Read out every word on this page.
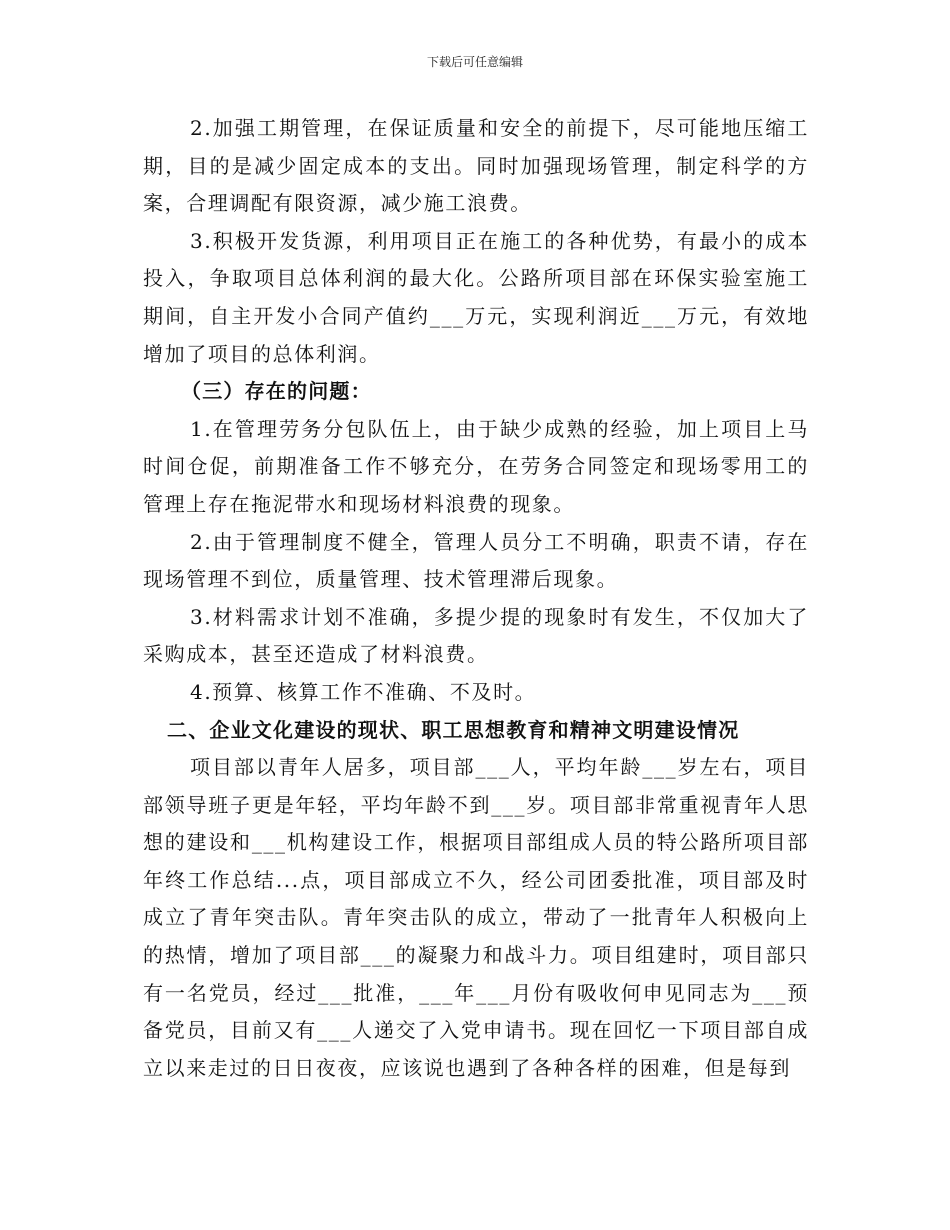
下载后可任意编辑

2.加强工期管理，在保证质量和安全的前提下，尽可能地压缩工期，目的是减少固定成本的支出。同时加强现场管理，制定科学的方案，合理调配有限资源，减少施工浪费。

3.积极开发货源，利用项目正在施工的各种优势，有最小的成本投入，争取项目总体利润的最大化。公路所项目部在环保实验室施工期间，自主开发小合同产值约___万元，实现利润近___万元，有效地增加了项目的总体利润。

（三）存在的问题：

1.在管理劳务分包队伍上，由于缺少成熟的经验，加上项目上马时间仓促，前期准备工作不够充分，在劳务合同签定和现场零用工的管理上存在拖泥带水和现场材料浪费的现象。

2.由于管理制度不健全，管理人员分工不明确，职责不请，存在现场管理不到位，质量管理、技术管理滞后现象。

3.材料需求计划不准确，多提少提的现象时有发生，不仅加大了采购成本，甚至还造成了材料浪费。

4.预算、核算工作不准确、不及时。

二、企业文化建设的现状、职工思想教育和精神文明建设情况

项目部以青年人居多，项目部___人，平均年龄___岁左右，项目部领导班子更是年轻，平均年龄不到___岁。项目部非常重视青年人思想的建设和___机构建设工作，根据项目部组成人员的特公路所项目部年终工作总结...点，项目部成立不久，经公司团委批准，项目部及时成立了青年突击队。青年突击队的成立，带动了一批青年人积极向上的热情，增加了项目部___的凝聚力和战斗力。项目组建时，项目部只有一名党员，经过___批准，___年___月份有吸收何申见同志为___预备党员，目前又有___人递交了入党申请书。现在回忆一下项目部自成立以来走过的日日夜夜，应该说也遇到了各种各样的困难，但是每到
